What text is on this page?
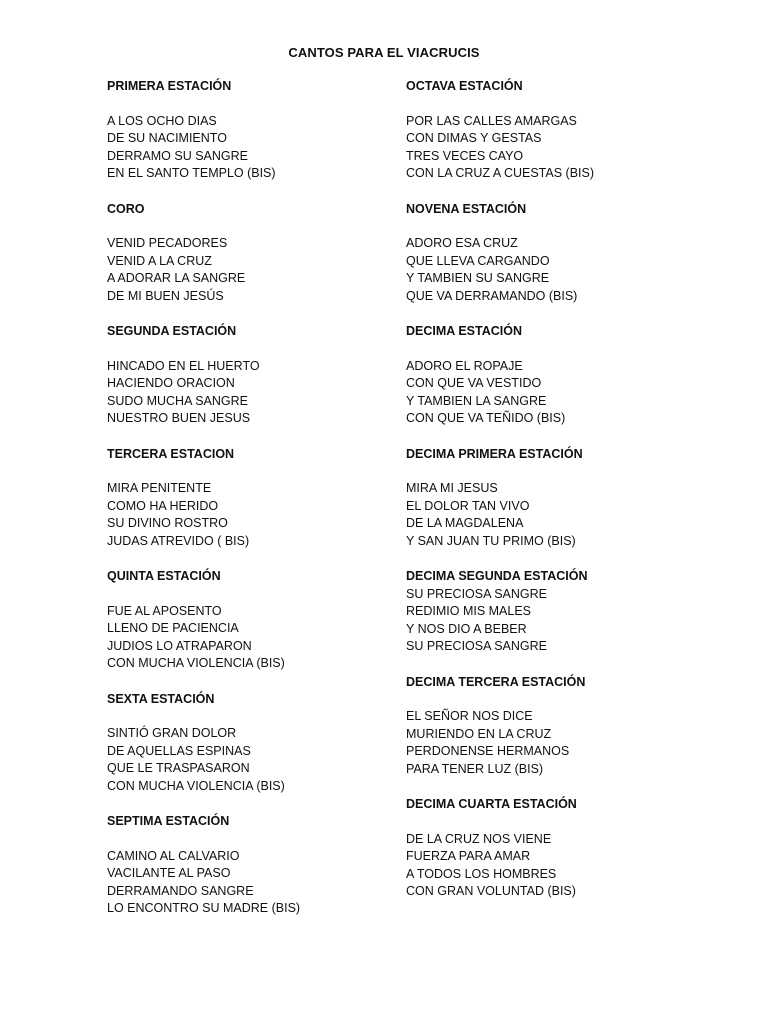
CANTOS PARA EL VIACRUCIS
PRIMERA ESTACIÓN
A LOS OCHO DIAS
DE SU NACIMIENTO
DERRAMO SU SANGRE
EN EL SANTO TEMPLO (BIS)
CORO
VENID PECADORES
VENID A LA CRUZ
A ADORAR LA SANGRE
DE MI BUEN JESÚS
SEGUNDA ESTACIÓN
HINCADO EN EL HUERTO
HACIENDO ORACION
SUDO MUCHA SANGRE
NUESTRO BUEN JESUS
TERCERA ESTACION
MIRA PENITENTE
COMO HA HERIDO
SU DIVINO ROSTRO
JUDAS ATREVIDO ( BIS)
QUINTA ESTACIÓN
FUE AL APOSENTO
LLENO DE PACIENCIA
JUDIOS LO ATRAPARON
CON MUCHA VIOLENCIA (BIS)
SEXTA ESTACIÓN
SINTIÓ GRAN DOLOR
DE AQUELLAS ESPINAS
QUE LE TRASPASARON
CON MUCHA VIOLENCIA (BIS)
SEPTIMA ESTACIÓN
CAMINO AL CALVARIO
VACILANTE AL PASO
DERRAMANDO SANGRE
LO ENCONTRO SU MADRE (BIS)
OCTAVA ESTACIÓN
POR LAS CALLES AMARGAS
CON DIMAS Y GESTAS
TRES VECES CAYO
CON LA CRUZ A CUESTAS (BIS)
NOVENA ESTACIÓN
ADORO ESA CRUZ
QUE LLEVA CARGANDO
Y TAMBIEN SU SANGRE
QUE VA DERRAMANDO (BIS)
DECIMA ESTACIÓN
ADORO EL ROPAJE
CON QUE VA VESTIDO
Y TAMBIEN LA SANGRE
CON QUE VA TEÑIDO (BIS)
DECIMA PRIMERA ESTACIÓN
MIRA MI JESUS
EL DOLOR TAN VIVO
DE LA MAGDALENA
Y SAN JUAN TU PRIMO (BIS)
DECIMA SEGUNDA ESTACIÓN
SU PRECIOSA SANGRE
REDIMIO MIS MALES
Y NOS DIO A BEBER
SU PRECIOSA SANGRE
DECIMA TERCERA ESTACIÓN
EL SEÑOR NOS DICE
MURIENDO EN LA CRUZ
PERDONENSE HERMANOS
PARA TENER LUZ (BIS)
DECIMA CUARTA ESTACIÓN
DE LA CRUZ NOS VIENE
FUERZA PARA AMAR
A TODOS LOS HOMBRES
CON GRAN VOLUNTAD (BIS)
